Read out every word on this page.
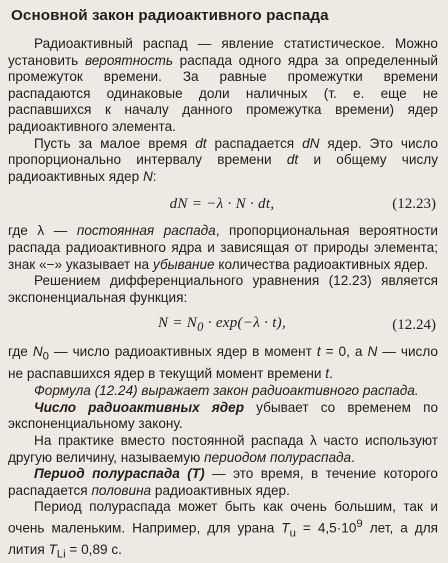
Основной закон радиоактивного распада

Радиоактивный распад — явление статистическое. Можно установить вероятность распада одного ядра за определенный промежуток времени. За равные промежутки времени распадаются одинаковые доли наличных (т. е. еще не распавшихся к началу данного промежутка времени) ядер радиоактивного элемента.

Пусть за малое время dt распадается dN ядер. Это число пропорционально интервалу времени dt и общему числу радиоактивных ядер N:

dN = −λ · N · dt,	(12.23)

где λ — постоянная распада, пропорциональная вероятности распада радиоактивного ядра и зависящая от природы элемента; знак «−» указывает на убывание количества радиоактивных ядер.

Решением дифференциального уравнения (12.23) является экспоненциальная функция:

$N = N_0 \cdot \exp(-\lambda \cdot t)$,	(12.24)

где $N_0$ — число радиоактивных ядер в момент t = 0, а N — число не распавшихся ядер в текущий момент времени t.

Формула (12.24) выражает закон радиоактивного распада.

Число радиоактивных ядер убывает со временем по экспоненциальному закону.

На практике вместо постоянной распада λ часто используют другую величину, называемую периодом полураспада.

Период полураспада (T) — это время, в течение которого распадается половина радиоактивных ядер.

Период полураспада может быть как очень большим, так и очень маленьким. Например, для урана $T_u = 4,5\cdot 10^9$ лет, а для лития $T_{Li} = 0,89$ с.
